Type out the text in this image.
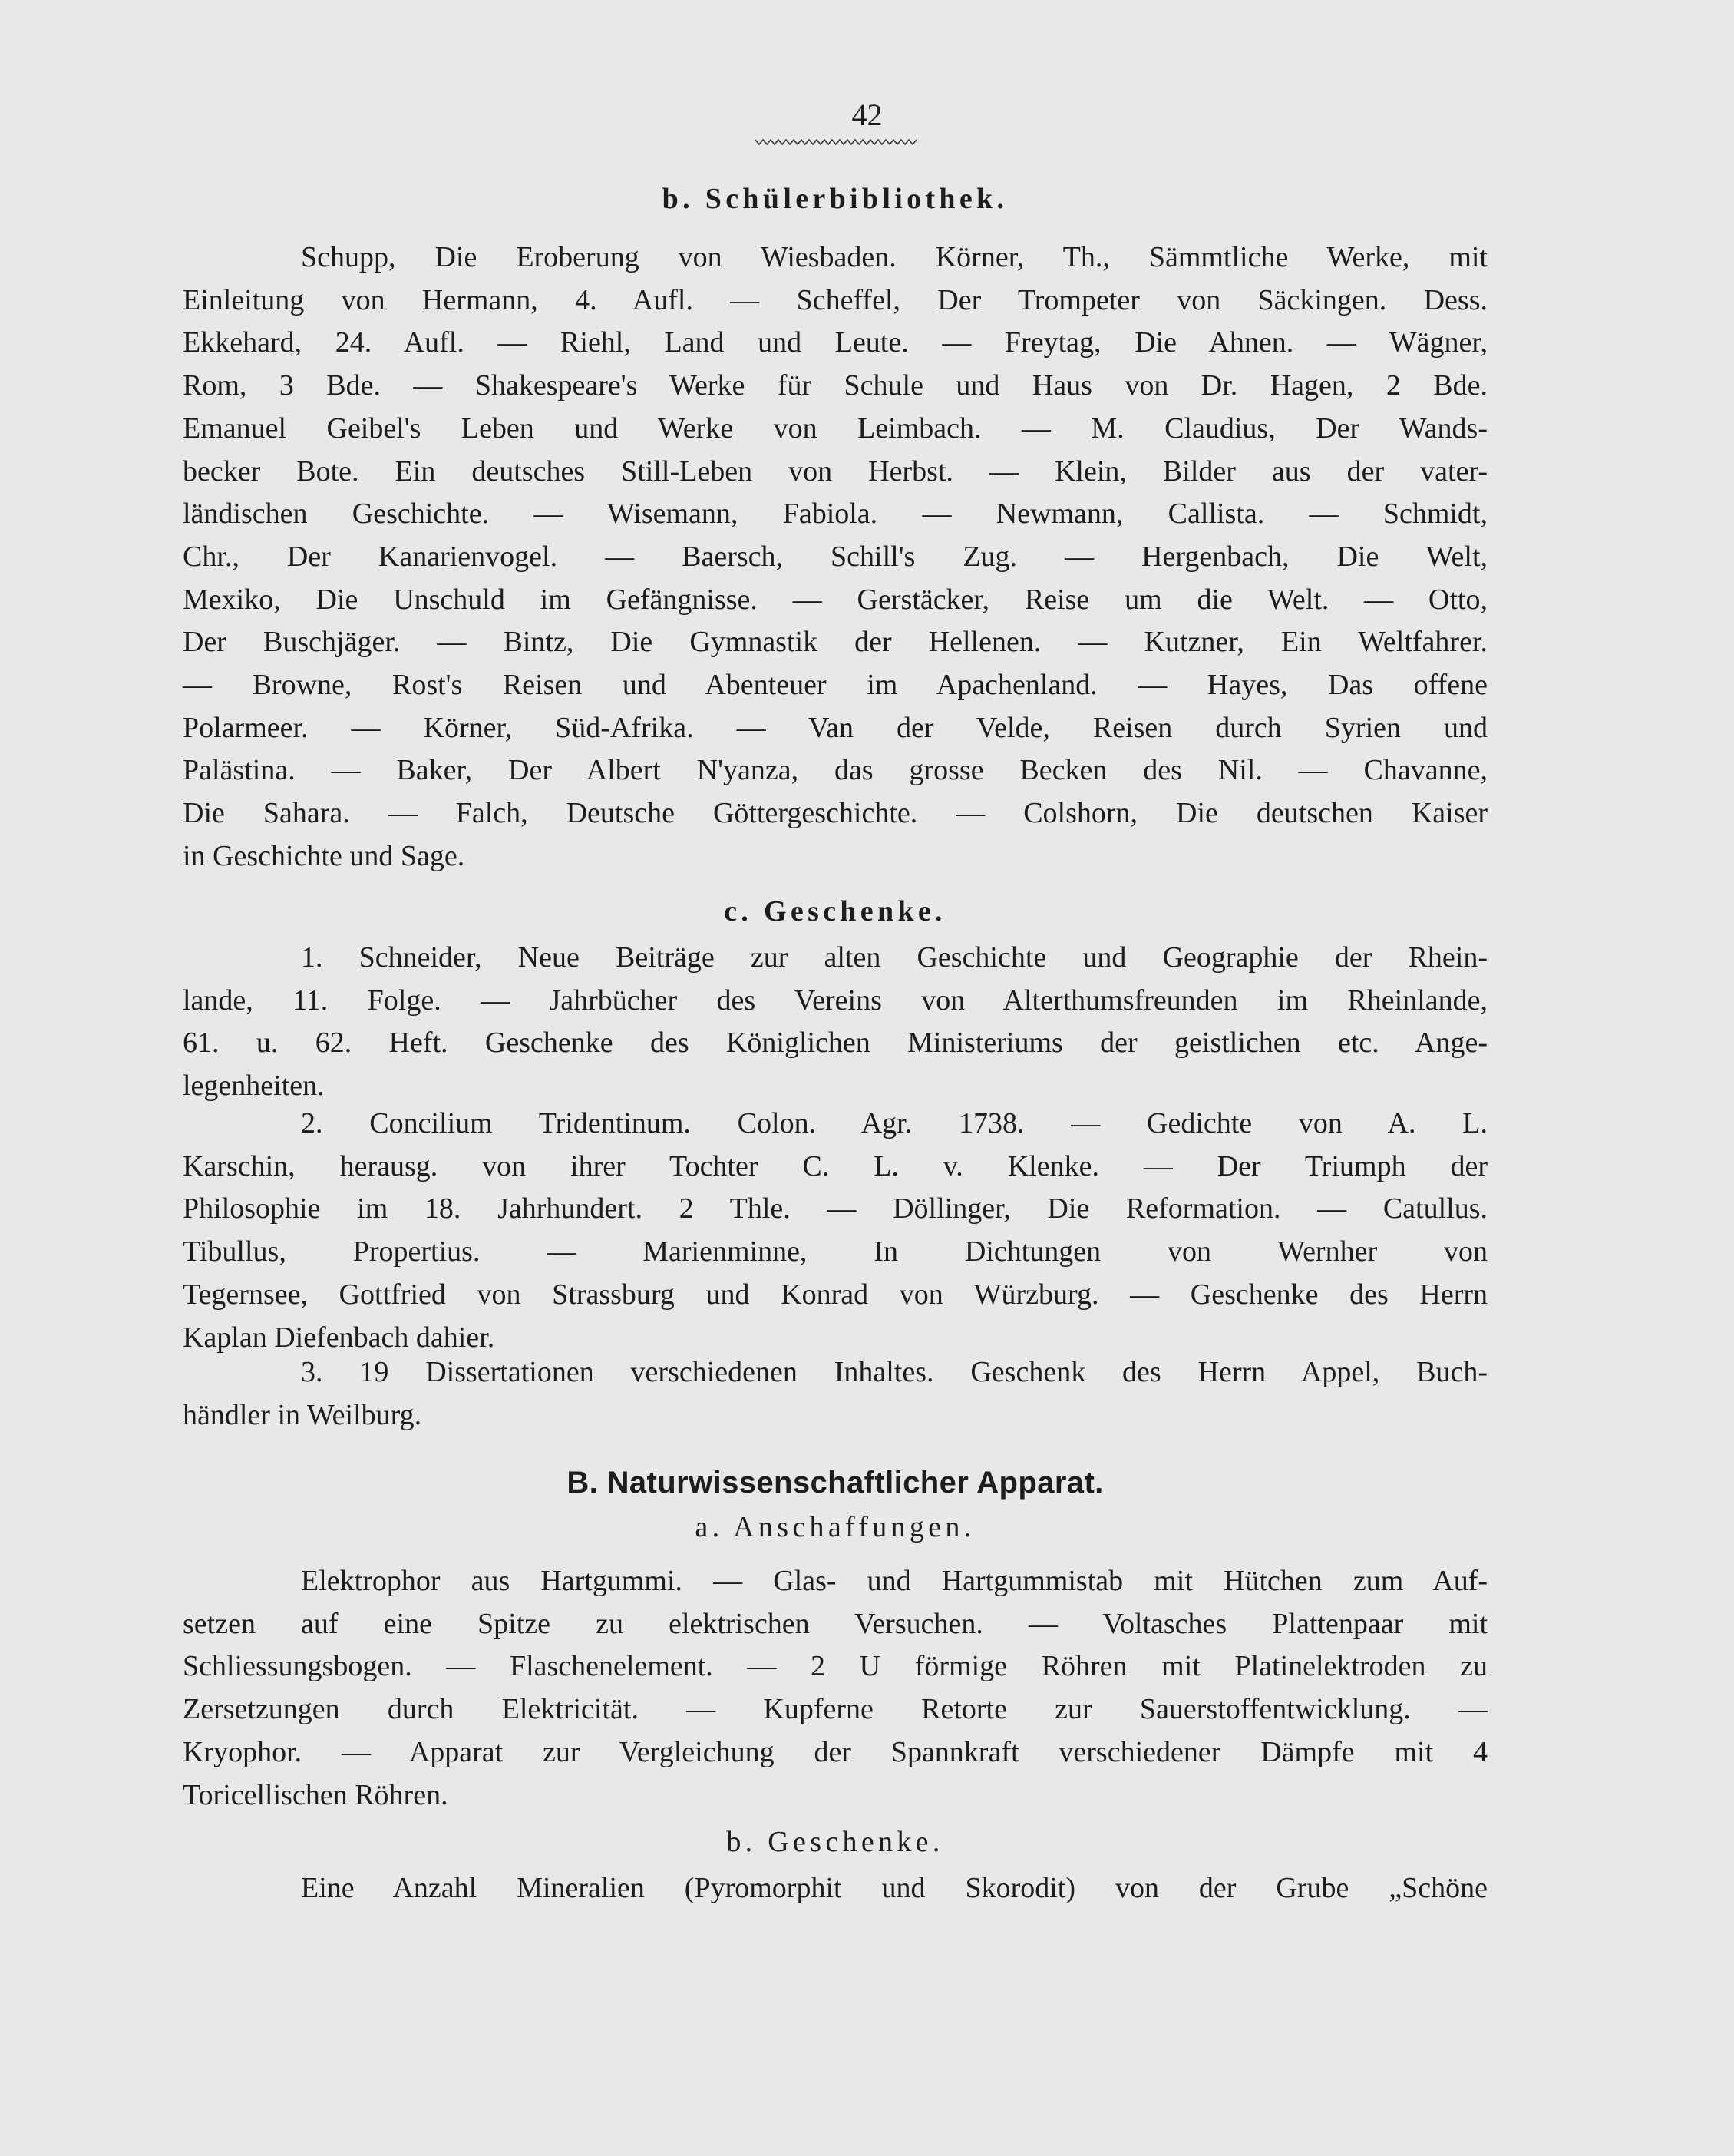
42

b. Schülerbibliothek.

Schupp, Die Eroberung von Wiesbaden. Körner, Th., Sämmtliche Werke, mit
Einleitung von Hermann, 4. Aufl. — Scheffel, Der Trompeter von Säckingen. Dess.
Ekkehard, 24. Aufl. — Riehl, Land und Leute. — Freytag, Die Ahnen. — Wägner,
Rom, 3 Bde. — Shakespeare's Werke für Schule und Haus von Dr. Hagen, 2 Bde.
Emanuel Geibel's Leben und Werke von Leimbach. — M. Claudius, Der Wands-
becker Bote. Ein deutsches Still-Leben von Herbst. — Klein, Bilder aus der vater-
ländischen Geschichte. — Wisemann, Fabiola. — Newmann, Callista. — Schmidt,
Chr., Der Kanarienvogel. — Baersch, Schill's Zug. — Hergenbach, Die Welt,
Mexiko, Die Unschuld im Gefängnisse. — Gerstäcker, Reise um die Welt. — Otto,
Der Buschjäger. — Bintz, Die Gymnastik der Hellenen. — Kutzner, Ein Weltfahrer.
— Browne, Rost's Reisen und Abenteuer im Apachenland. — Hayes, Das offene
Polarmeer. — Körner, Süd-Afrika. — Van der Velde, Reisen durch Syrien und
Palästina. — Baker, Der Albert N'yanza, das grosse Becken des Nil. — Chavanne,
Die Sahara. — Falch, Deutsche Göttergeschichte. — Colshorn, Die deutschen Kaiser
in Geschichte und Sage.

c. Geschenke.

1. Schneider, Neue Beiträge zur alten Geschichte und Geographie der Rhein-
lande, 11. Folge. — Jahrbücher des Vereins von Alterthumsfreunden im Rheinlande,
61. u. 62. Heft. Geschenke des Königlichen Ministeriums der geistlichen etc. Ange-
legenheiten.
2. Concilium Tridentinum. Colon. Agr. 1738. — Gedichte von A. L.
Karschin, herausg. von ihrer Tochter C. L. v. Klenke. — Der Triumph der
Philosophie im 18. Jahrhundert. 2 Thle. — Döllinger, Die Reformation. — Catullus.
Tibullus, Propertius. — Marienminne, In Dichtungen von Wernher von
Tegernsee, Gottfried von Strassburg und Konrad von Würzburg. — Geschenke des Herrn
Kaplan Diefenbach dahier.
3. 19 Dissertationen verschiedenen Inhaltes. Geschenk des Herrn Appel, Buch-
händler in Weilburg.

B. Naturwissenschaftlicher Apparat.

a. Anschaffungen.

Elektrophor aus Hartgummi. — Glas- und Hartgummistab mit Hütchen zum Auf-
setzen auf eine Spitze zu elektrischen Versuchen. — Voltasches Plattenpaar mit
Schliessungsbogen. — Flaschenelement. — 2 U förmige Röhren mit Platinelektroden zu
Zersetzungen durch Elektricität. — Kupferne Retorte zur Sauerstoffentwicklung. —
Kryophor. — Apparat zur Vergleichung der Spannkraft verschiedener Dämpfe mit 4
Toricellischen Röhren.

b. Geschenke.

Eine Anzahl Mineralien (Pyromorphit und Skorodit) von der Grube „Schöne
